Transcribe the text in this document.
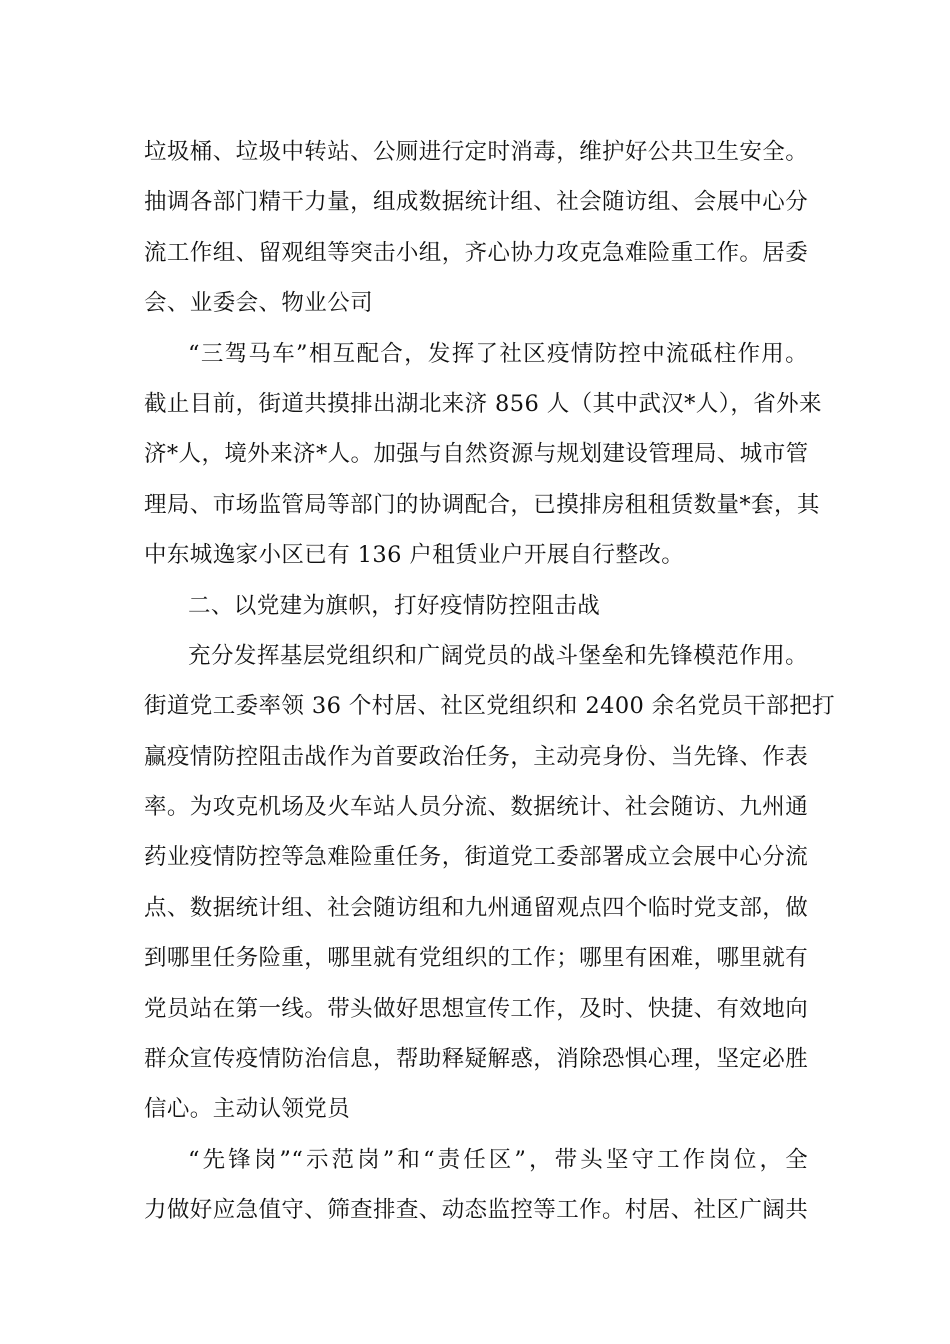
垃圾桶、垃圾中转站、公厕进行定时消毒，维护好公共卫生安全。
抽调各部门精干力量，组成数据统计组、社会随访组、会展中心分
流工作组、留观组等突击小组，齐心协力攻克急难险重工作。居委
会、业委会、物业公司
“三驾马车”相互配合，发挥了社区疫情防控中流砥柱作用。
截止目前，街道共摸排出湖北来济 856 人（其中武汉*人），省外来
济*人，境外来济*人。加强与自然资源与规划建设管理局、城市管
理局、市场监管局等部门的协调配合，已摸排房租租赁数量*套，其
中东城逸家小区已有 136 户租赁业户开展自行整改。
二、以党建为旗帜，打好疫情防控阻击战
充分发挥基层党组织和广阔党员的战斗堡垒和先锋模范作用。
街道党工委率领 36 个村居、社区党组织和 2400 余名党员干部把打
赢疫情防控阻击战作为首要政治任务，主动亮身份、当先锋、作表
率。为攻克机场及火车站人员分流、数据统计、社会随访、九州通
药业疫情防控等急难险重任务，街道党工委部署成立会展中心分流
点、数据统计组、社会随访组和九州通留观点四个临时党支部，做
到哪里任务险重，哪里就有党组织的工作；哪里有困难，哪里就有
党员站在第一线。带头做好思想宣传工作，及时、快捷、有效地向
群众宣传疫情防治信息，帮助释疑解惑，消除恐惧心理，坚定必胜
信心。主动认领党员
“先锋岗”“示范岗”和“责任区”，带头坚守工作岗位，全
力做好应急值守、筛查排查、动态监控等工作。村居、社区广阔共
